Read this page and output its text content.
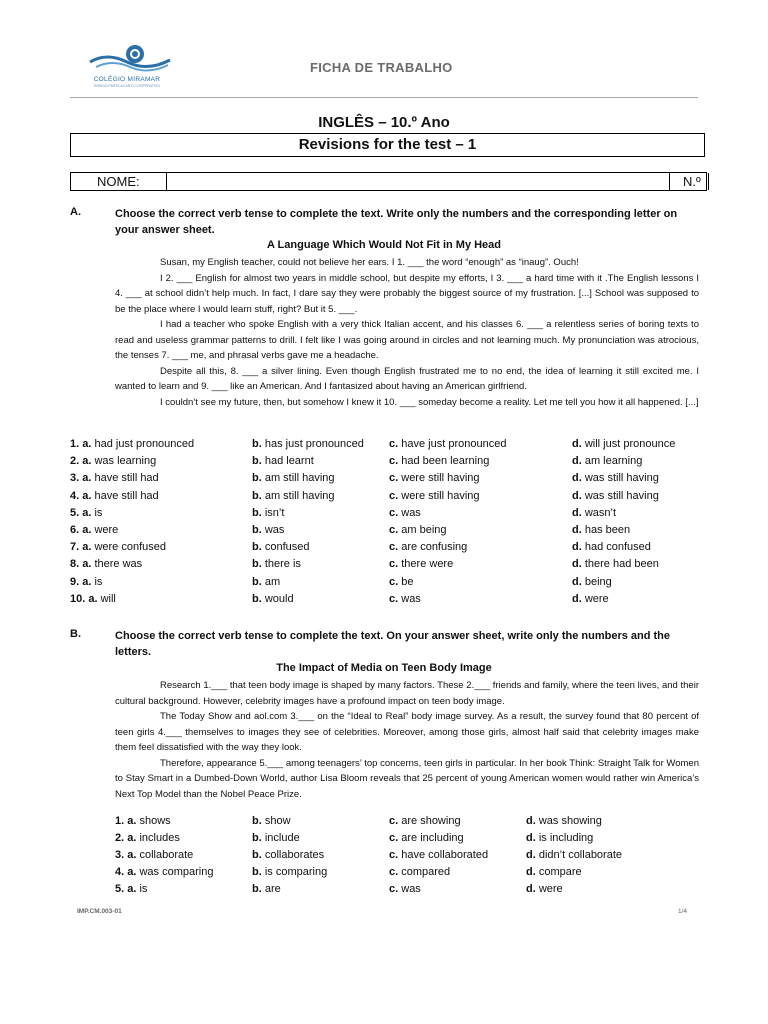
COLÉGIO MIRAMAR
ENSINO PARTICULAR E COOPERATIVO
FICHA DE TRABALHO
INGLÊS – 10.º Ano
Revisions for the test – 1
NOME:	N.º
A.	Choose the correct verb tense to complete the text. Write only the numbers and the corresponding letter on your answer sheet.
A Language Which Would Not Fit in My Head

Susan, my English teacher, could not believe her ears. I 1. ___ the word “enough” as “inaug”. Ouch!

I 2. ___ English for almost two years in middle school, but despite my efforts, I 3. ___ a hard time with it .The English lessons I 4. ___ at school didn’t help much. In fact, I dare say they were probably the biggest source of my frustration. [...] School was supposed to be the place where I would learn stuff, right? But it 5. ___.

I had a teacher who spoke English with a very thick Italian accent, and his classes 6. ___ a relentless series of boring texts to read and useless grammar patterns to drill. I felt like I was going around in circles and not learning much. My pronunciation was atrocious, the tenses 7. ___ me, and phrasal verbs gave me a headache.

Despite all this, 8. ___ a silver lining. Even though English frustrated me to no end, the idea of learning it still excited me. I wanted to learn and 9. ___ like an American. And I fantasized about having an American girlfriend.

I couldn’t see my future, then, but somehow I knew it 10. ___ someday become a reality. Let me tell you how it all happened. [...]

1. a. had just pronounced	b. has just pronounced c. have just pronounced	d. will just pronounce
2. a. was learning	b. had learnt	c. had been learning	d. am learning
3. a. have still had	b. am still having	c. were still having	d. was still having
4. a. have still had	b. am still having	c. were still having	d. was still having
5. a. is	b. isn’t	c. was	d. wasn’t
6. a. were	b. was	c. am being	d. has been
7. a. were confused	b. confused	c. are confusing	d. had confused
8. a. there was	b. there is	c. there were	d. there had been
9. a. is	b. am	c. be	d. being
10. a. will	b. would	c. was	d. were
B.	Choose the correct verb tense to complete the text. On your answer sheet, write only the numbers and the letters.
The Impact of Media on Teen Body Image

Research 1.___ that teen body image is shaped by many factors. These 2.___ friends and family, where the teen lives, and their cultural background. However, celebrity images have a profound impact on teen body image.

The Today Show and aol.com 3.___ on the “Ideal to Real” body image survey. As a result, the survey found that 80 percent of teen girls 4.___ themselves to images they see of celebrities. Moreover, among those girls, almost half said that celebrity images make them feel dissatisfied with the way they look.

Therefore, appearance 5.___ among teenagers’ top concerns, teen girls in particular. In her book Think: Straight Talk for Women to Stay Smart in a Dumbed-Down World, author Lisa Bloom reveals that 25 percent of young American women would rather win America’s Next Top Model than the Nobel Peace Prize.

1. a. shows	b. show	c. are showing	d. was showing
2. a. includes	b. include	c. are including	d. is including
3. a. collaborate	b. collaborates	c. have collaborated	d. didn’t collaborate
4. a. was comparing	b. is comparing	c. compared	d. compare
5. a. is	b. are	c. was	d. were
IMP.CM.003-01	1/4
